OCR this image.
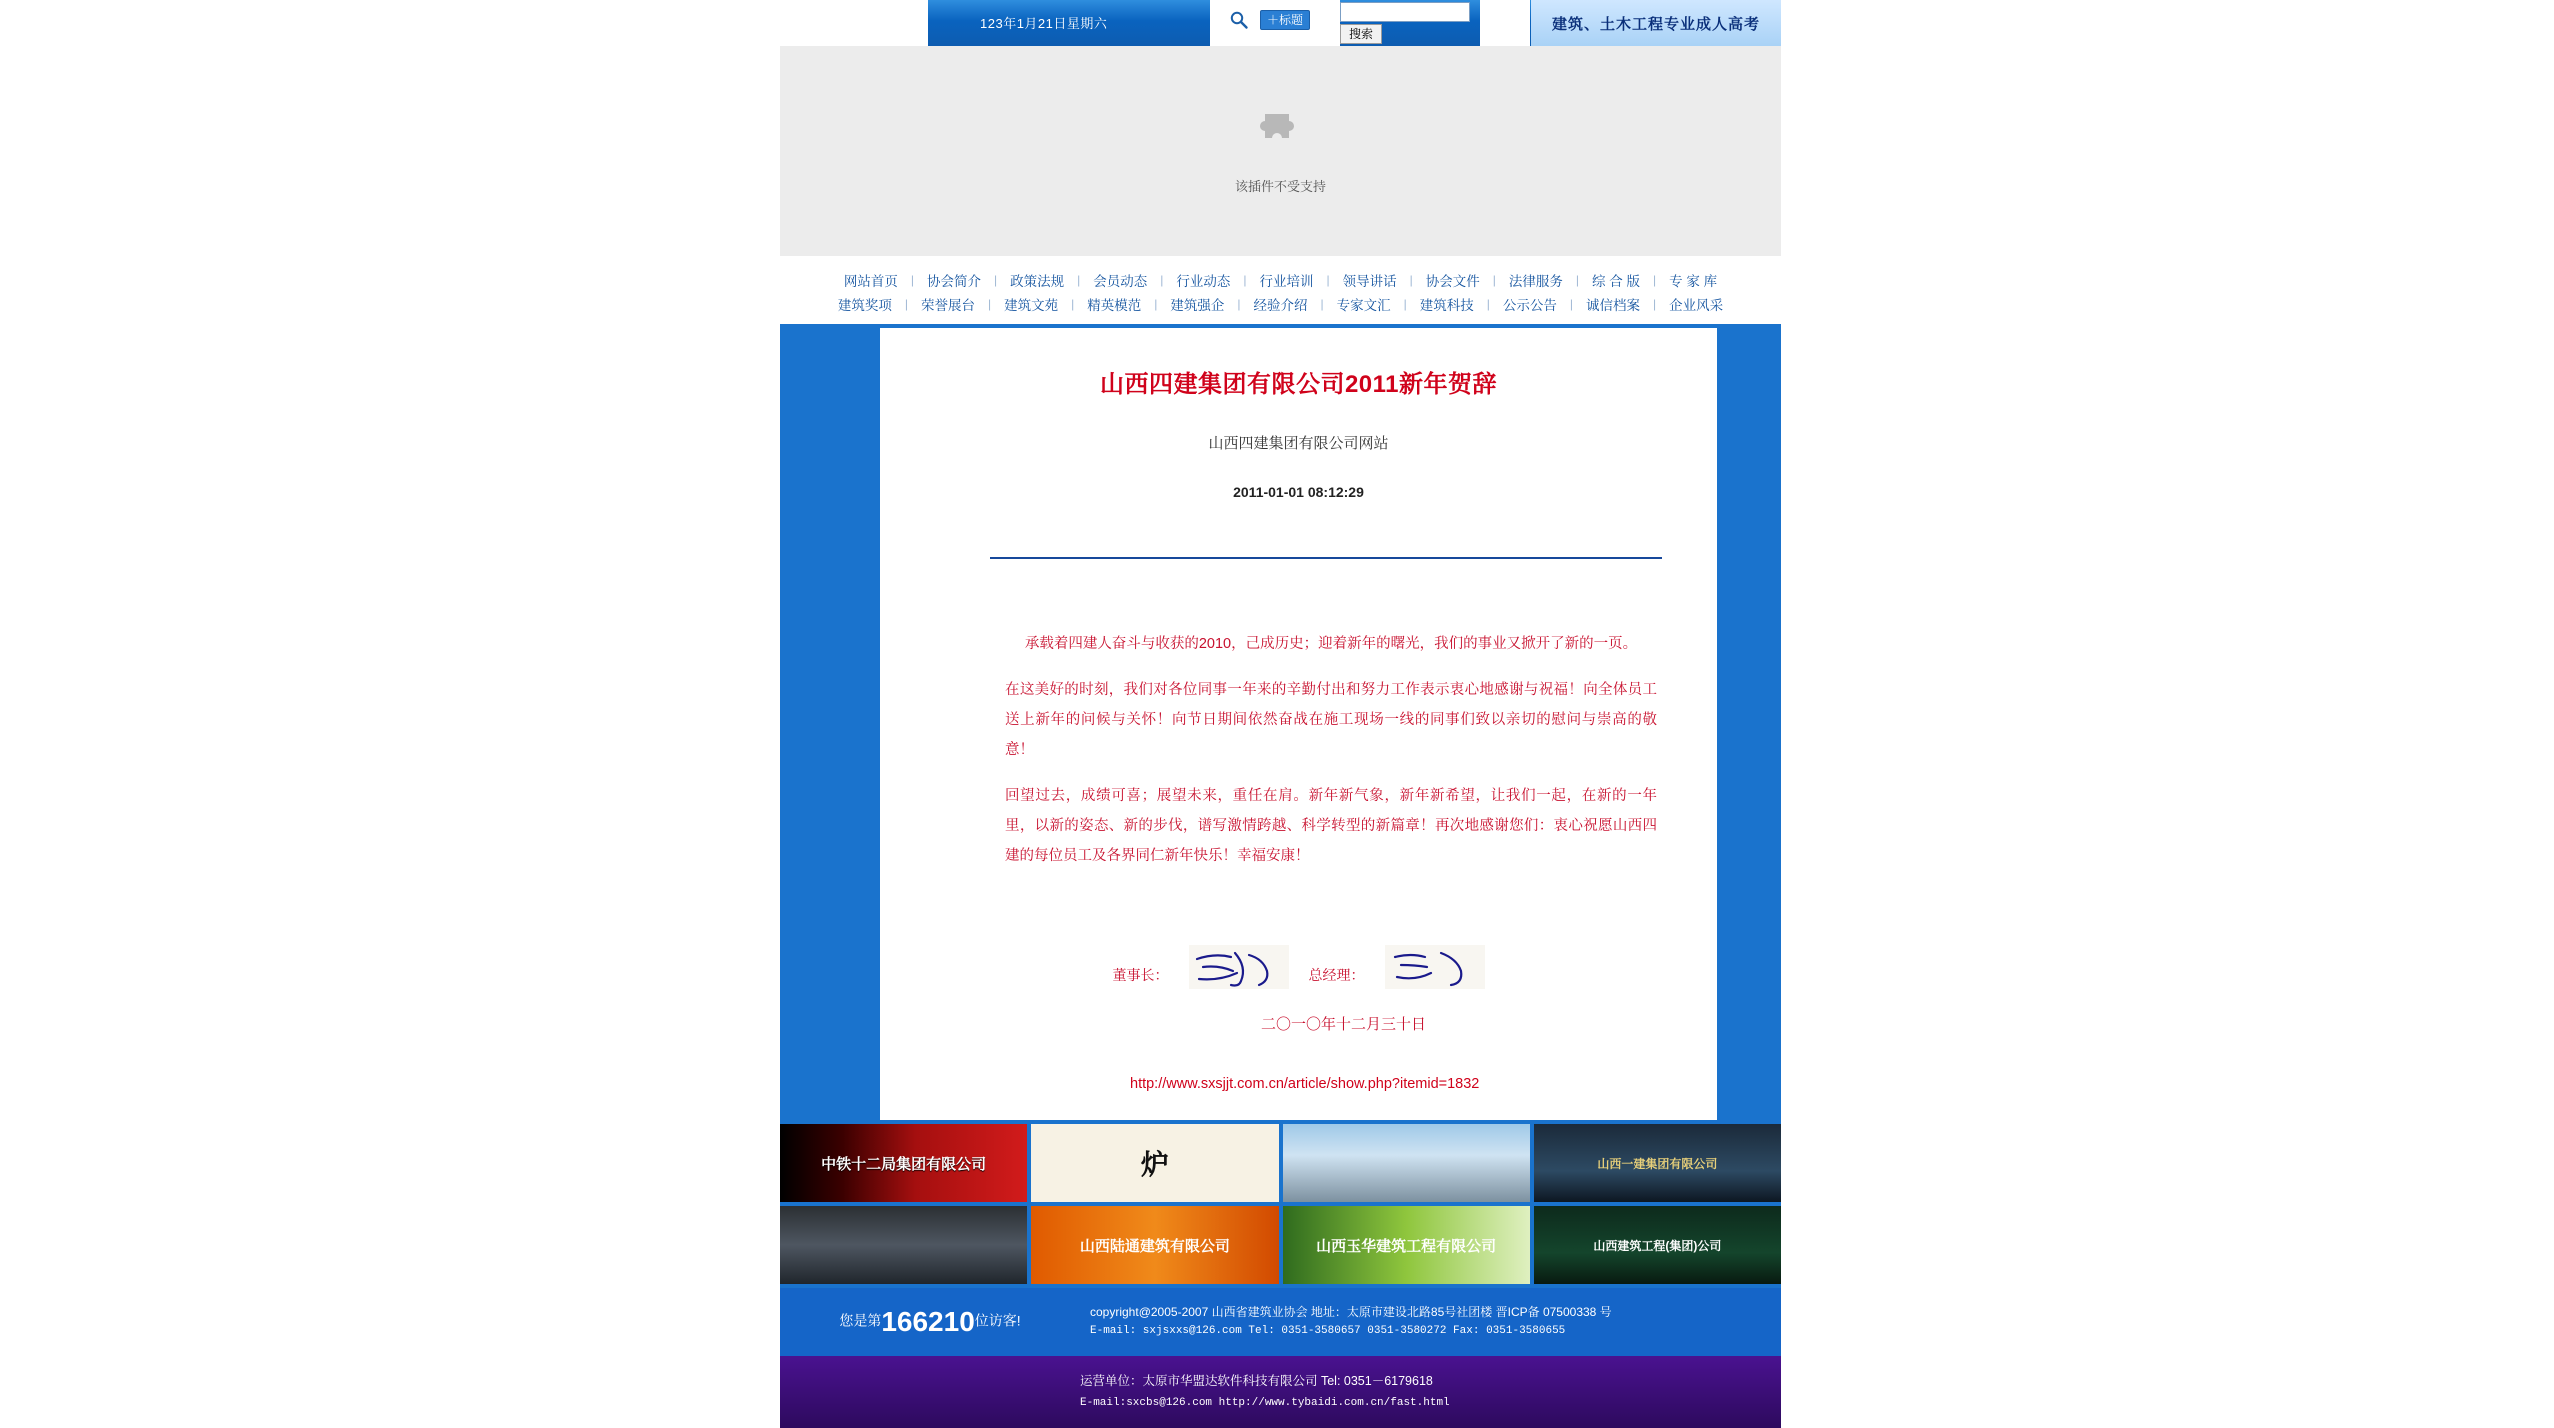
123年1月21日星期六	＋标题
搜索
建筑、土木工程专业成人高考
该插件不受支持
网站首页 | 协会简介 | 政策法规 | 会员动态 | 行业动态 | 行业培训 | 领导讲话 | 协会文件 | 法律服务 | 综 合 版 | 专 家 库
建筑奖项 | 荣誉展台 | 建筑文苑 | 精英模范 | 建筑强企 | 经验介绍 | 专家文汇 | 建筑科技 | 公示公告 | 诚信档案 | 企业风采
山西四建集团有限公司2011新年贺辞
山西四建集团有限公司网站
2011-01-01 08:12:29
承载着四建人奋斗与收获的2010，己成历史；迎着新年的曙光，我们的事业又掀开了新的一页。
在这美好的时刻，我们对各位同事一年来的辛勤付出和努力工作表示衷心地感谢与祝福！向全体员工送上新年的问候与关怀！向节日期间依然奋战在施工现场一线的同事们致以亲切的慰问与崇高的敬意！
回望过去，成绩可喜；展望未来，重任在肩。新年新气象，新年新希望，让我们一起，在新的一年里，以新的姿态、新的步伐，谱写激情跨越、科学转型的新篇章！再次地感谢您们：衷心祝愿山西四建的每位员工及各界同仁新年快乐！幸福安康！
董事长：	总经理：
二〇一〇年十二月三十日
http://www.sxsjjt.com.cn/article/show.php?itemid=1832
中铁十二局集团有限公司	炉	山西一建集团有限公司
山西陆通建筑有限公司	山西玉华建筑工程有限公司	山西建筑工程(集团)公司
您是第166210位访客!
copyright@2005-2007 山西省建筑业协会 地址：太原市建设北路85号社团楼 晋ICP备 07500338 号
E-mail: sxjsxxs@126.com Tel: 0351-3580657 0351-3580272 Fax: 0351-3580655
运营单位：太原市华盟达软件科技有限公司 Tel: 0351－6179618
E-mail:sxcbs@126.com http://www.tybaidi.com.cn/fast.html
